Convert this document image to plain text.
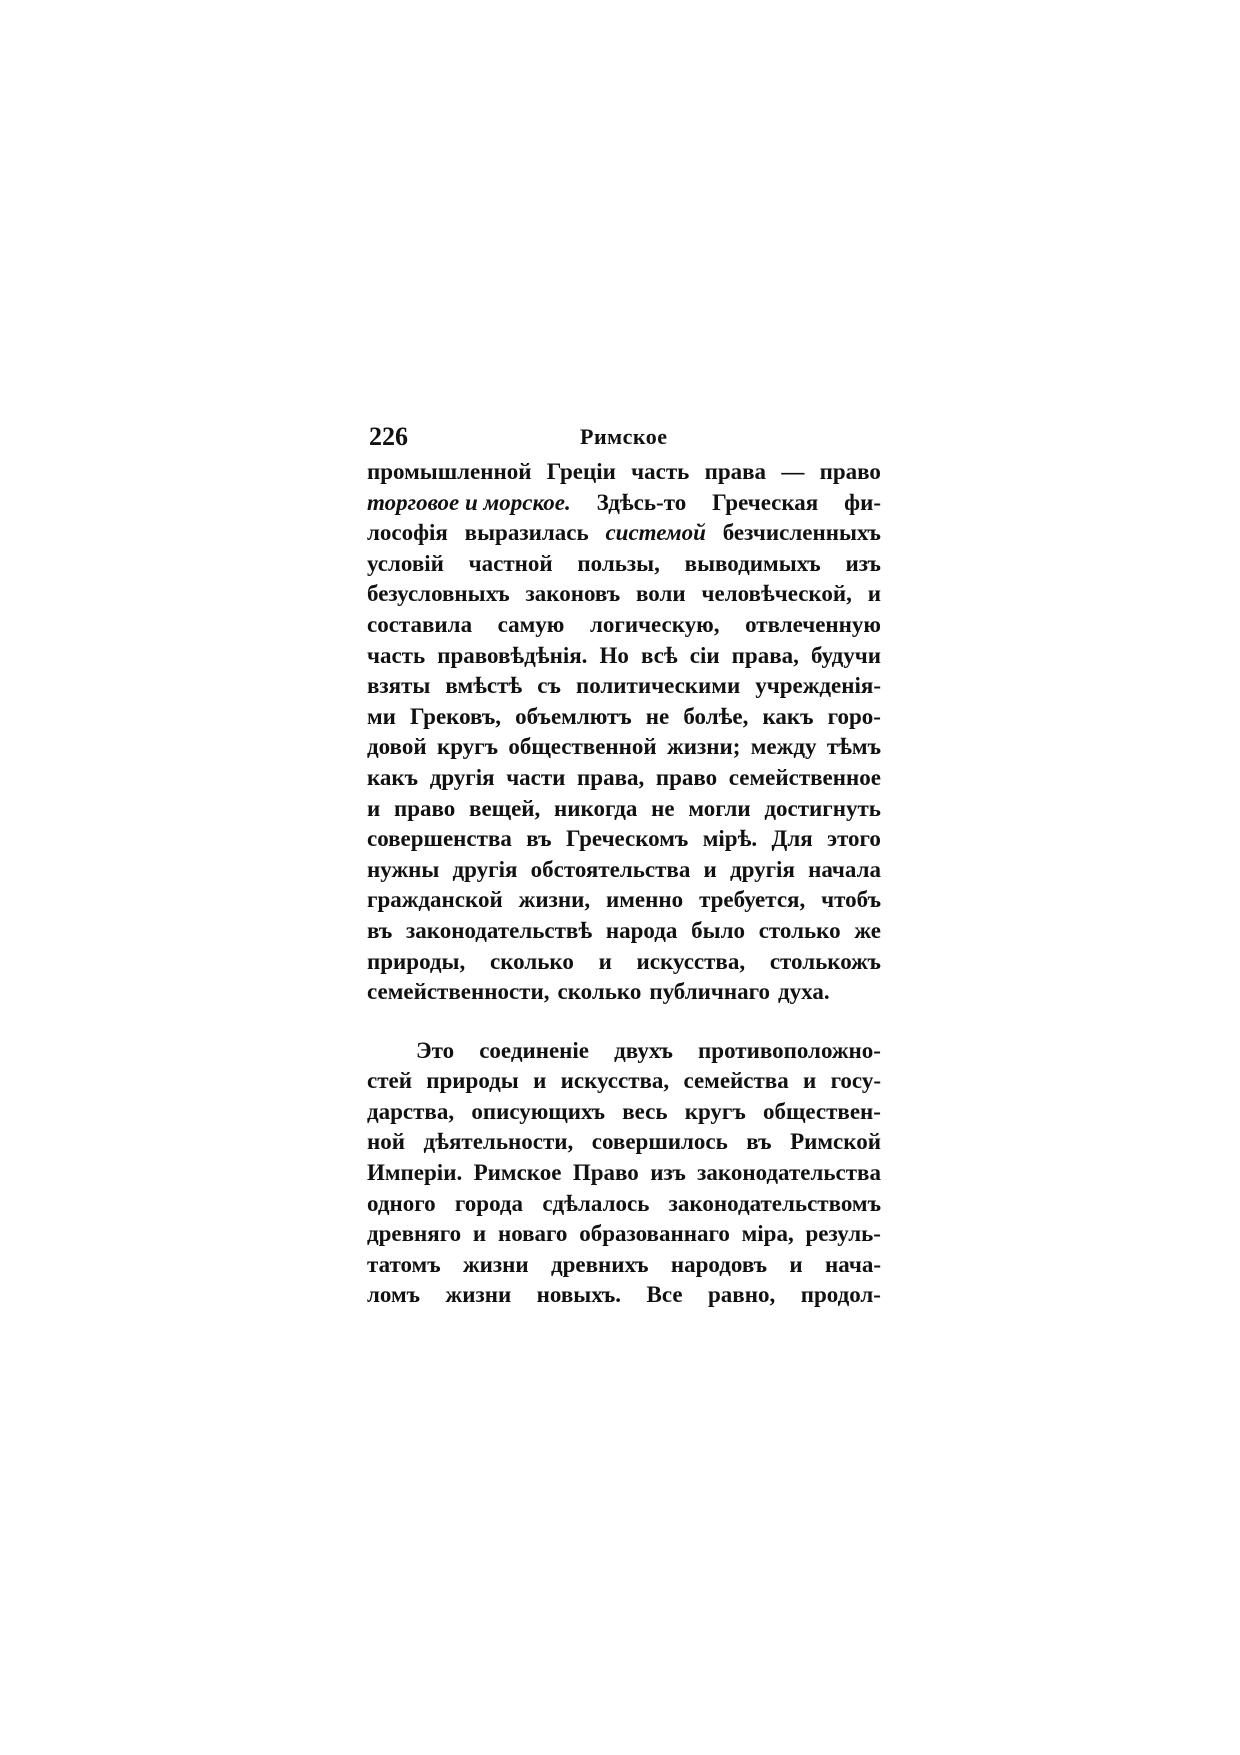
226	Римское
промышленной Греціи часть права — право
торговое и морское. Здѣсь-то Греческая фи-
лософія выразилась системой безчисленныхъ
условій частной пользы, выводимыхъ изъ
безусловныхъ законовъ воли человѣческой, и
составила самую логическую, отвлеченную
часть правовѣдѣнія. Но всѣ сіи права, будучи
взяты вмѣстѣ съ политическими учрежденія-
ми Грековъ, объемлютъ не болѣе, какъ горо-
довой кругъ общественной жизни; между тѣмъ
какъ другія части права, право семейственное
и право вещей, никогда не могли достигнуть
совершенства въ Греческомъ мірѣ. Для этого
нужны другія обстоятельства и другія начала
гражданской жизни, именно требуется, чтобъ
въ законодательствѣ народа было столько же
природы, сколько и искусства, столькожъ
семейственности, сколько публичнаго духа.
Это соединеніе двухъ противоположно-
стей природы и искусства, семейства и госу-
дарства, описующихъ весь кругъ обществен-
ной дѣятельности, совершилось въ Римской
Имперіи. Римское Право изъ законодательства
одного города сдѣлалось законодательствомъ
древняго и новаго образованнаго міра, резуль-
татомъ жизни древнихъ народовъ и нача-
ломъ жизни новыхъ. Все равно, продол-
